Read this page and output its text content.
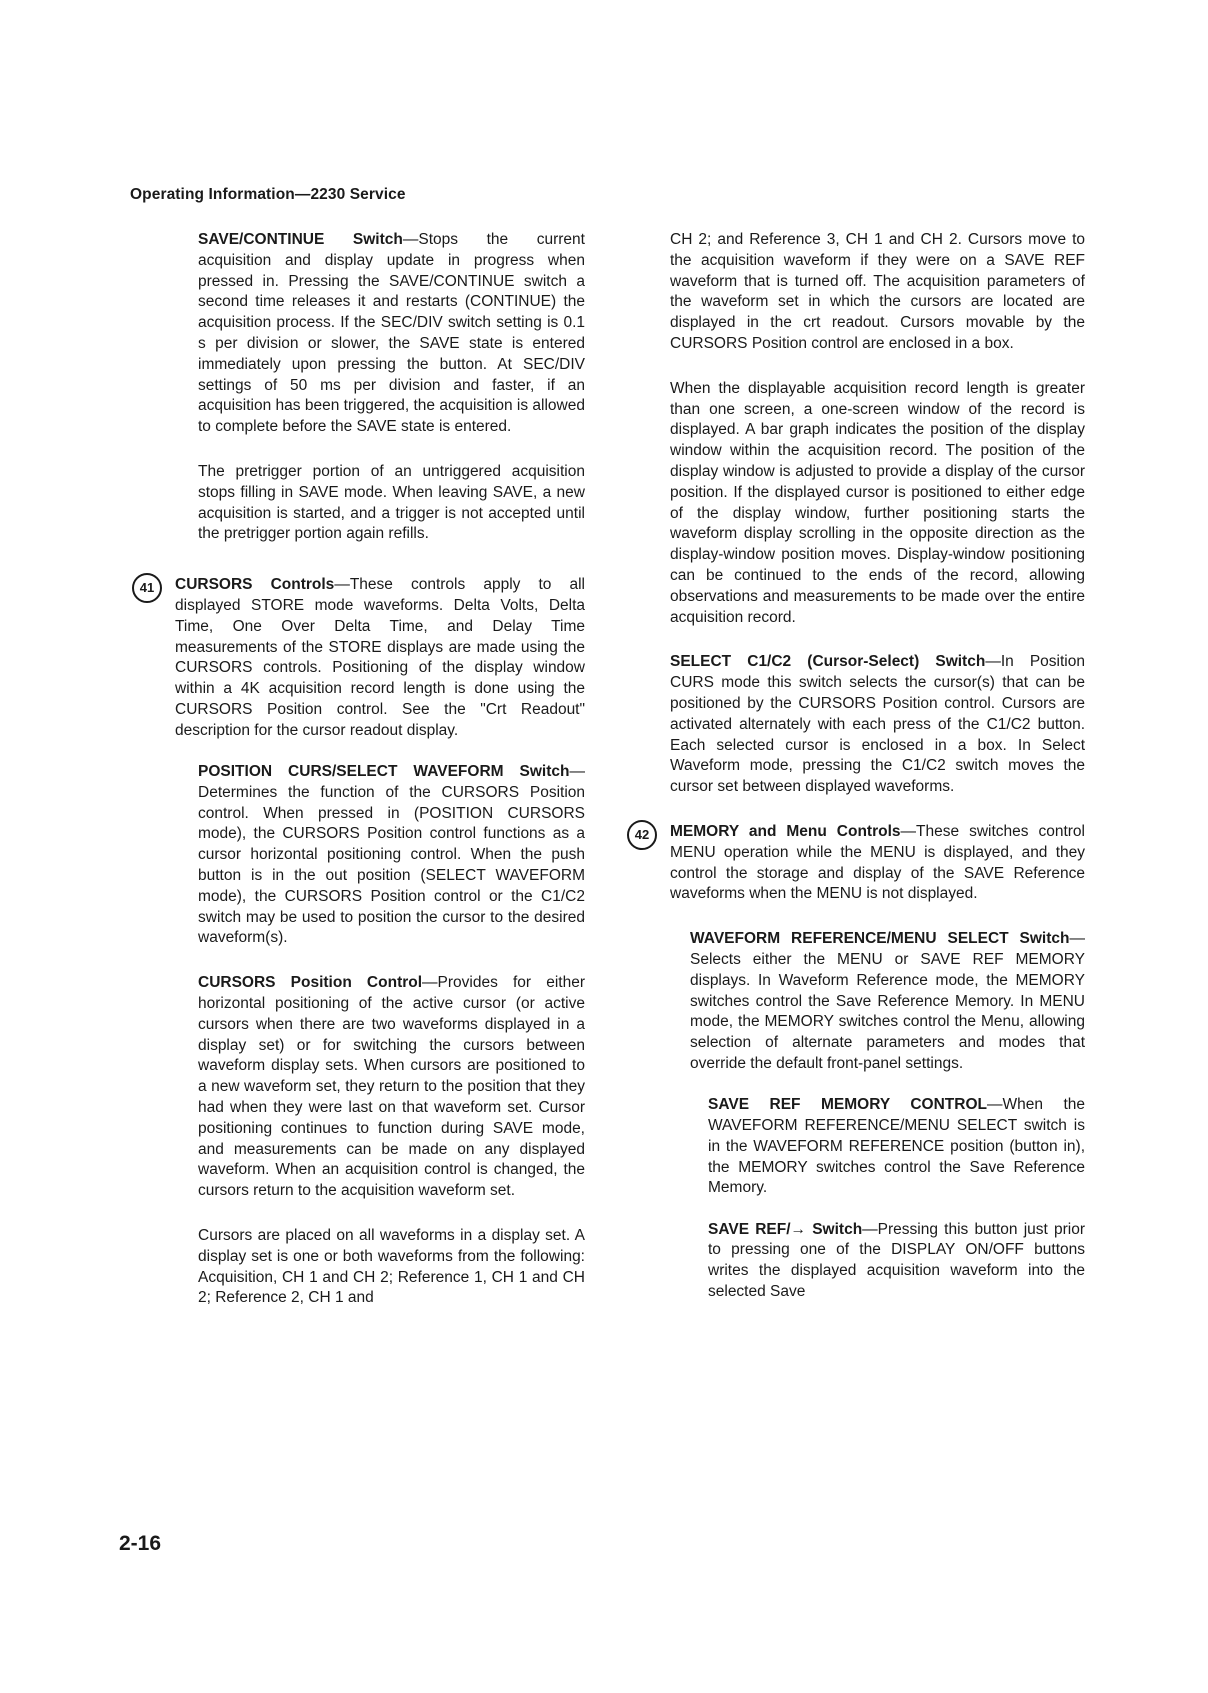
Operating Information—2230 Service

SAVE/CONTINUE Switch—Stops the current acquisition and display update in progress when pressed in. Pressing the SAVE/CONTINUE switch a second time releases it and restarts (CONTINUE) the acquisition process. If the SEC/DIV switch setting is 0.1 s per division or slower, the SAVE state is entered immediately upon pressing the button. At SEC/DIV settings of 50 ms per division and faster, if an acquisition has been triggered, the acquisition is allowed to complete before the SAVE state is entered.

The pretrigger portion of an untriggered acquisition stops filling in SAVE mode. When leaving SAVE, a new acquisition is started, and a trigger is not accepted until the pretrigger portion again refills.

41	CURSORS Controls—These controls apply to all displayed STORE mode waveforms. Delta Volts, Delta Time, One Over Delta Time, and Delay Time measurements of the STORE displays are made using the CURSORS controls. Positioning of the display window within a 4K acquisition record length is done using the CURSORS Position control. See the "Crt Readout" description for the cursor readout display.

POSITION CURS/SELECT WAVEFORM Switch—Determines the function of the CURSORS Position control. When pressed in (POSITION CURSORS mode), the CURSORS Position control functions as a cursor horizontal positioning control. When the push button is in the out position (SELECT WAVEFORM mode), the CURSORS Position control or the C1/C2 switch may be used to position the cursor to the desired waveform(s).

CURSORS Position Control—Provides for either horizontal positioning of the active cursor (or active cursors when there are two waveforms displayed in a display set) or for switching the cursors between waveform display sets. When cursors are positioned to a new waveform set, they return to the position that they had when they were last on that waveform set. Cursor positioning continues to function during SAVE mode, and measurements can be made on any displayed waveform. When an acquisition control is changed, the cursors return to the acquisition waveform set.

Cursors are placed on all waveforms in a display set. A display set is one or both waveforms from the following: Acquisition, CH 1 and CH 2; Reference 1, CH 1 and CH 2; Reference 2, CH 1 and

CH 2; and Reference 3, CH 1 and CH 2. Cursors move to the acquisition waveform if they were on a SAVE REF waveform that is turned off. The acquisition parameters of the waveform set in which the cursors are located are displayed in the crt readout. Cursors movable by the CURSORS Position control are enclosed in a box.

When the displayable acquisition record length is greater than one screen, a one-screen window of the record is displayed. A bar graph indicates the position of the display window within the acquisition record. The position of the display window is adjusted to provide a display of the cursor position. If the displayed cursor is positioned to either edge of the display window, further positioning starts the waveform display scrolling in the opposite direction as the display-window position moves. Display-window positioning can be continued to the ends of the record, allowing observations and measurements to be made over the entire acquisition record.

SELECT C1/C2 (Cursor-Select) Switch—In Position CURS mode this switch selects the cursor(s) that can be positioned by the CURSORS Position control. Cursors are activated alternately with each press of the C1/C2 button. Each selected cursor is enclosed in a box. In Select Waveform mode, pressing the C1/C2 switch moves the cursor set between displayed waveforms.

42	MEMORY and Menu Controls—These switches control MENU operation while the MENU is displayed, and they control the storage and display of the SAVE Reference waveforms when the MENU is not displayed.

WAVEFORM REFERENCE/MENU SELECT Switch—Selects either the MENU or SAVE REF MEMORY displays. In Waveform Reference mode, the MEMORY switches control the Save Reference Memory. In MENU mode, the MEMORY switches control the Menu, allowing selection of alternate parameters and modes that override the default front-panel settings.

SAVE REF MEMORY CONTROL—When the WAVEFORM REFERENCE/MENU SELECT switch is in the WAVEFORM REFERENCE position (button in), the MEMORY switches control the Save Reference Memory.

SAVE REF/→ Switch—Pressing this button just prior to pressing one of the DISPLAY ON/OFF buttons writes the displayed acquisition waveform into the selected Save

2-16
